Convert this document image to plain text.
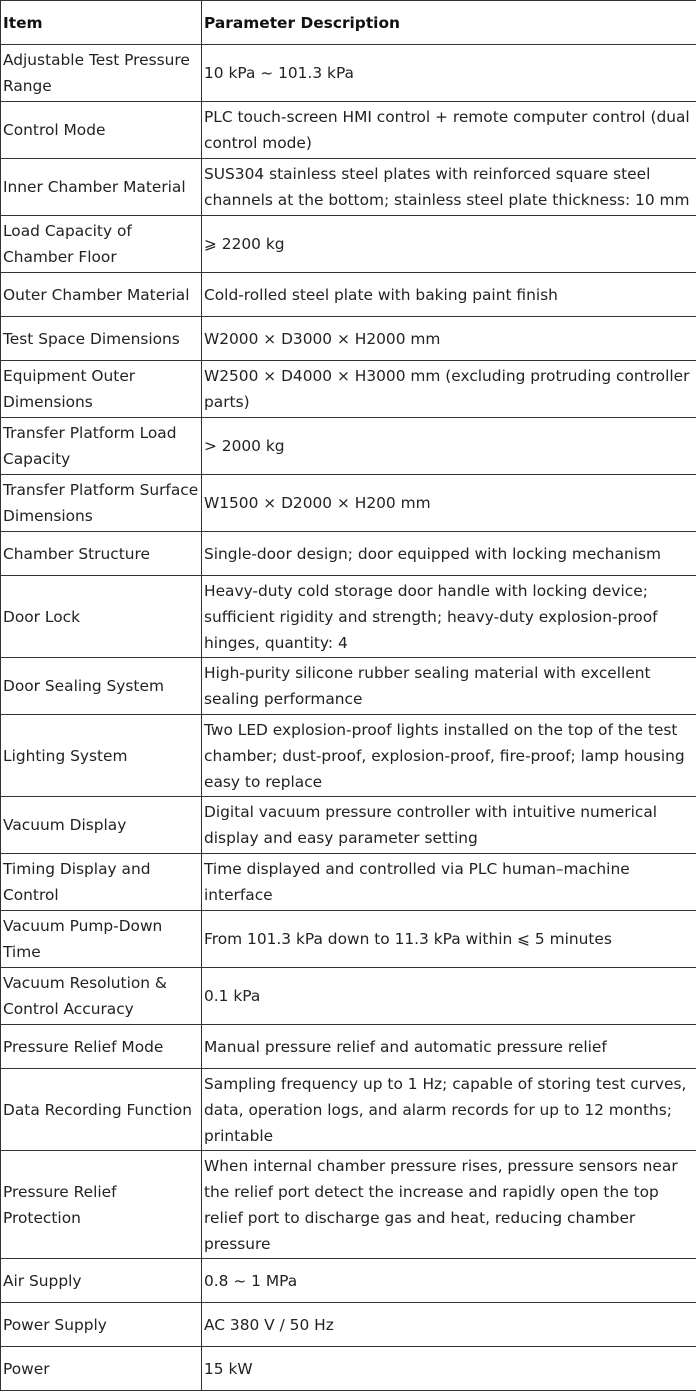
Item	Parameter Description
Adjustable Test Pressure Range	10 kPa ~ 101.3 kPa
Control Mode	PLC touch-screen HMI control + remote computer control (dual control mode)
Inner Chamber Material	SUS304 stainless steel plates with reinforced square steel channels at the bottom; stainless steel plate thickness: 10 mm
Load Capacity of Chamber Floor	⩾ 2200 kg
Outer Chamber Material	Cold-rolled steel plate with baking paint finish
Test Space Dimensions	W2000 × D3000 × H2000 mm
Equipment Outer Dimensions	W2500 × D4000 × H3000 mm (excluding protruding controller parts)
Transfer Platform Load Capacity	> 2000 kg
Transfer Platform Surface Dimensions	W1500 × D2000 × H200 mm
Chamber Structure	Single-door design; door equipped with locking mechanism
Door Lock	Heavy-duty cold storage door handle with locking device; sufficient rigidity and strength; heavy-duty explosion-proof hinges, quantity: 4
Door Sealing System	High-purity silicone rubber sealing material with excellent sealing performance
Lighting System	Two LED explosion-proof lights installed on the top of the test chamber; dust-proof, explosion-proof, fire-proof; lamp housing easy to replace
Vacuum Display	Digital vacuum pressure controller with intuitive numerical display and easy parameter setting
Timing Display and Control	Time displayed and controlled via PLC human–machine interface
Vacuum Pump-Down Time	From 101.3 kPa down to 11.3 kPa within ⩽ 5 minutes
Vacuum Resolution & Control Accuracy	0.1 kPa
Pressure Relief Mode	Manual pressure relief and automatic pressure relief
Data Recording Function	Sampling frequency up to 1 Hz; capable of storing test curves, data, operation logs, and alarm records for up to 12 months; printable
Pressure Relief Protection	When internal chamber pressure rises, pressure sensors near the relief port detect the increase and rapidly open the top relief port to discharge gas and heat, reducing chamber pressure
Air Supply	0.8 ~ 1 MPa
Power Supply	AC 380 V / 50 Hz
Power	15 kW
